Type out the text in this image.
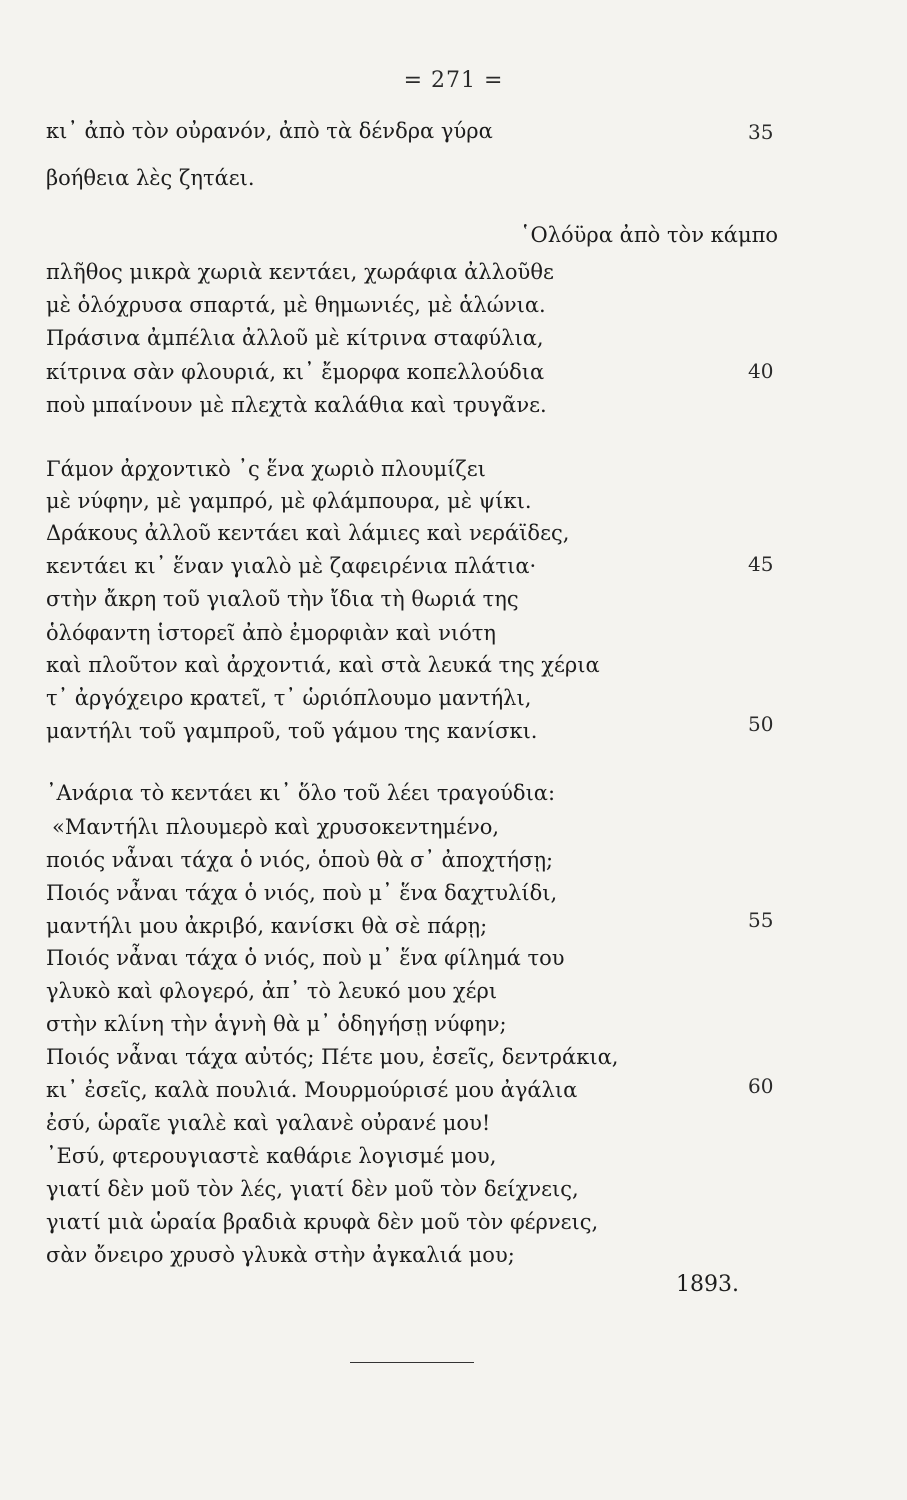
= 271 =
κι᾿ ἀπὸ τὸν οὐρανόν, ἀπὸ τὰ δένδρα γύρα	35
βοήθεια λὲς ζητάει.
῾Ολόϋρα ἀπὸ τὸν κάμπο
πλῆθος μικρὰ χωριὰ κεντάει, χωράφια ἀλλοῦθε
μὲ ὁλόχρυσα σπαρτά, μὲ θημωνιές, μὲ ἁλώνια.
Πράσινα ἀμπέλια ἀλλοῦ μὲ κίτρινα σταφύλια,
κίτρινα σὰν φλουριά, κι᾿ ἔμορφα κοπελλούδια	40
ποὺ μπαίνουν μὲ πλεχτὰ καλάθια καὶ τρυγᾶνε.
Γάμον ἀρχοντικὸ ᾿ς ἕνα χωριὸ πλουμίζει
μὲ νύφην, μὲ γαμπρό, μὲ φλάμπουρα, μὲ ψίκι.
Δράκους ἀλλοῦ κεντάει καὶ λάμιες καὶ νεράϊδες,
κεντάει κι᾿ ἕναν γιαλὸ μὲ ζαφειρένια πλάτια·	45
στὴν ἄκρη τοῦ γιαλοῦ τὴν ἴδια τὴ θωριά της
ὁλόφαντη ἱστορεῖ ἀπὸ ἐμορφιὰν καὶ νιότη
καὶ πλοῦτον καὶ ἀρχοντιά, καὶ στὰ λευκά της χέρια
τ᾿ ἀργόχειρο κρατεῖ, τ᾿ ὡριόπλουμο μαντήλι,
μαντήλι τοῦ γαμπροῦ, τοῦ γάμου της κανίσκι.	50
᾿Ανάρια τὸ κεντάει κι᾿ ὅλο τοῦ λέει τραγούδια:
«Μαντήλι πλουμερὸ καὶ χρυσοκεντημένο,
ποιός νἆναι τάχα ὁ νιός, ὁποὺ θὰ σ᾿ ἀποχτήσῃ;
Ποιός νἆναι τάχα ὁ νιός, ποὺ μ᾿ ἕνα δαχτυλίδι,
μαντήλι μου ἀκριβό, κανίσκι θὰ σὲ πάρῃ;	55
Ποιός νἆναι τάχα ὁ νιός, ποὺ μ᾿ ἕνα φίλημά του
γλυκὸ καὶ φλογερό, ἀπ᾿ τὸ λευκό μου χέρι
στὴν κλίνη τὴν ἁγνὴ θὰ μ᾿ ὁδηγήσῃ νύφην;
Ποιός νἆναι τάχα αὐτός; Πέτε μου, ἐσεῖς, δεντράκια,
κι᾿ ἐσεῖς, καλὰ πουλιά. Μουρμούρισέ μου ἀγάλια	60
ἐσύ, ὡραῖε γιαλὲ καὶ γαλανὲ οὐρανέ μου!
᾿Εσύ, φτερουγιαστὲ καθάριε λογισμέ μου,
γιατί δὲν μοῦ τὸν λές, γιατί δὲν μοῦ τὸν δείχνεις,
γιατί μιὰ ὡραία βραδιὰ κρυφὰ δὲν μοῦ τὸν φέρνεις,
σὰν ὄνειρο χρυσὸ γλυκὰ στὴν ἀγκαλιά μου;
1893.
